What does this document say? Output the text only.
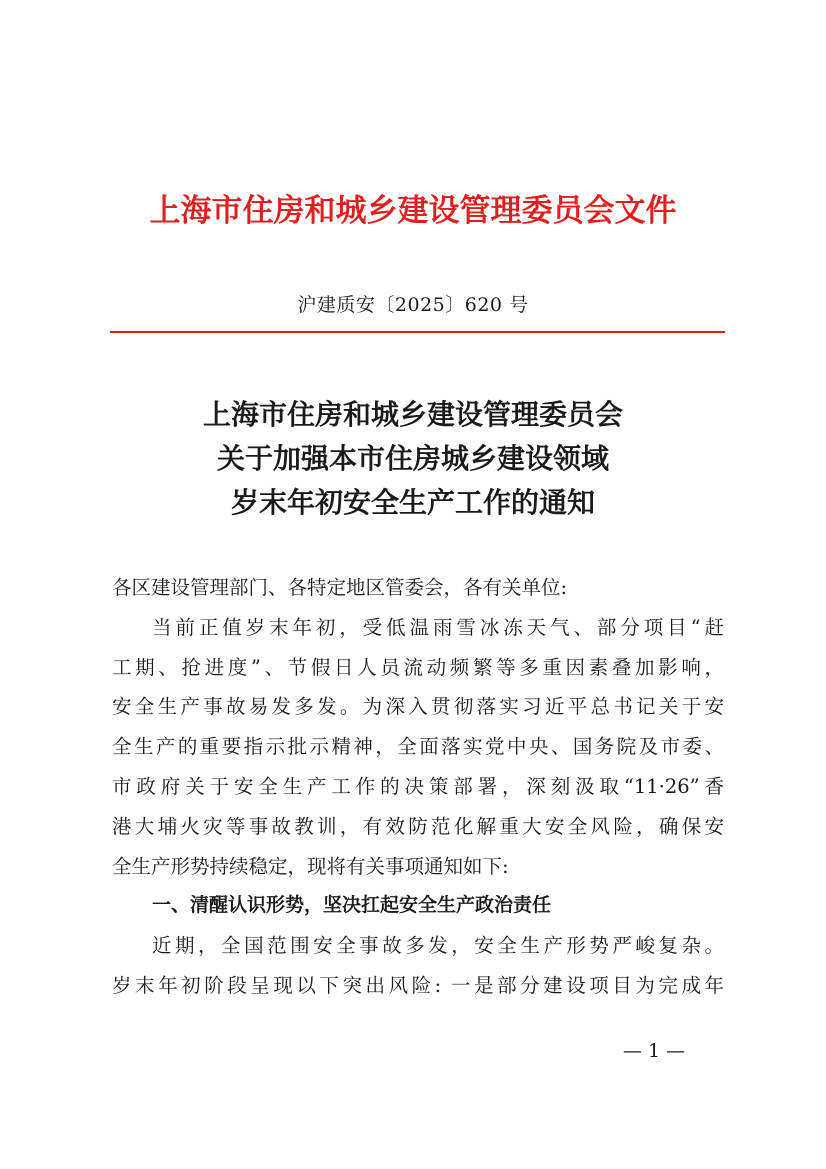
上海市住房和城乡建设管理委员会文件
沪建质安〔2025〕620 号
上海市住房和城乡建设管理委员会
关于加强本市住房城乡建设领域
岁末年初安全生产工作的通知
各区建设管理部门、各特定地区管委会，各有关单位:
当前正值岁末年初，受低温雨雪冰冻天气、部分项目“赶
工期、抢进度”、节假日人员流动频繁等多重因素叠加影响，
安全生产事故易发多发。为深入贯彻落实习近平总书记关于安
全生产的重要指示批示精神，全面落实党中央、国务院及市委、
市政府关于安全生产工作的决策部署，深刻汲取“11·26”香
港大埔火灾等事故教训，有效防范化解重大安全风险，确保安
全生产形势持续稳定，现将有关事项通知如下:
一、清醒认识形势，坚决扛起安全生产政治责任
近期，全国范围安全事故多发，安全生产形势严峻复杂。
岁末年初阶段呈现以下突出风险: 一是部分建设项目为完成年
— 1 —
